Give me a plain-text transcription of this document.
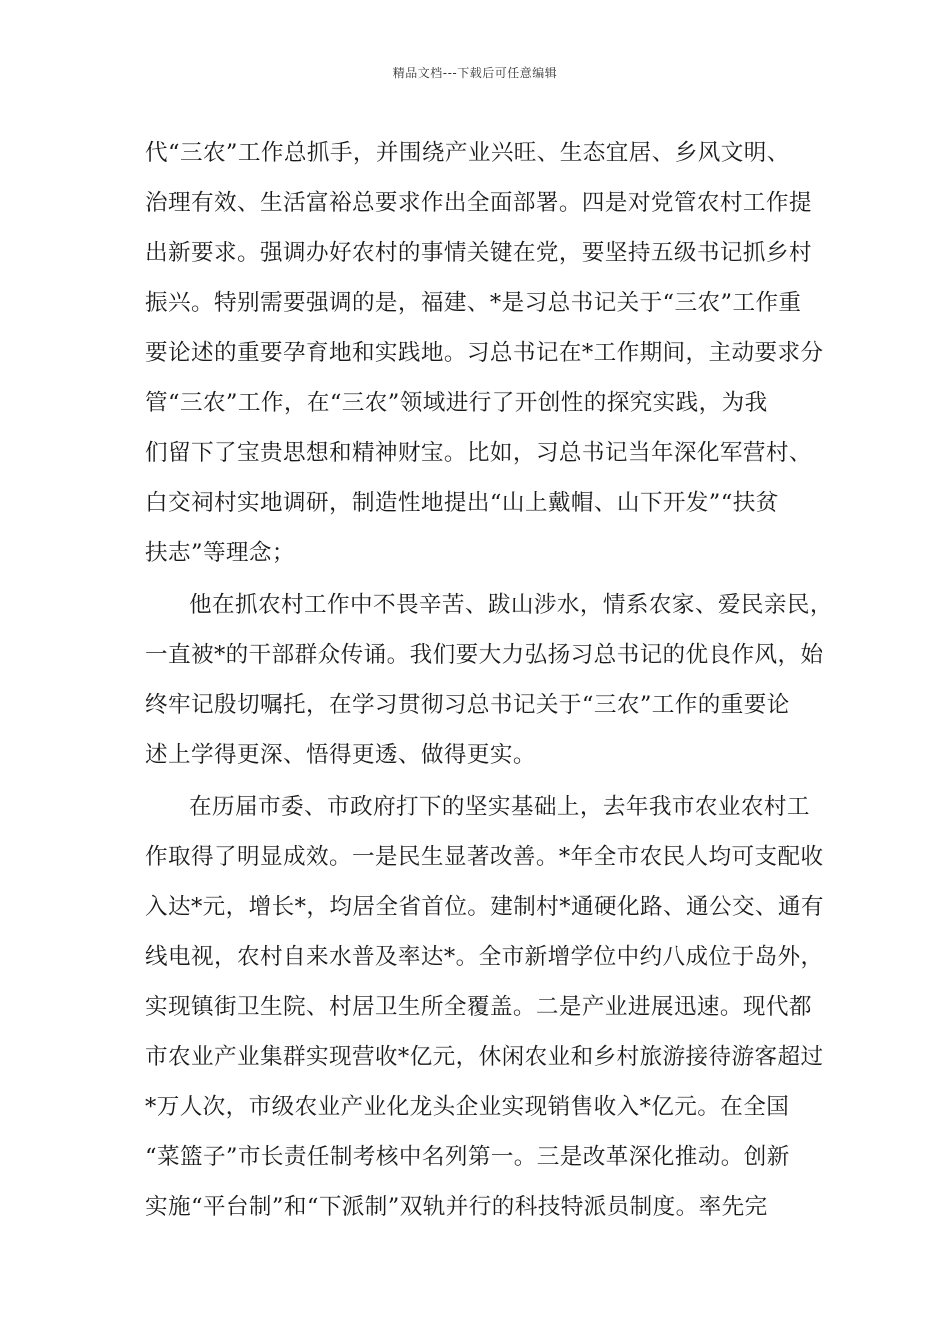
精品文档---下载后可任意编辑
代“三农”工作总抓手，并围绕产业兴旺、生态宜居、乡风文明、
治理有效、生活富裕总要求作出全面部署。四是对党管农村工作提
出新要求。强调办好农村的事情关键在党，要坚持五级书记抓乡村
振兴。特别需要强调的是，福建、*是习总书记关于“三农”工作重
要论述的重要孕育地和实践地。习总书记在*工作期间，主动要求分
管“三农”工作，在“三农”领域进行了开创性的探究实践，为我
们留下了宝贵思想和精神财宝。比如，习总书记当年深化军营村、
白交祠村实地调研，制造性地提出“山上戴帽、山下开发”“扶贫
扶志”等理念；
他在抓农村工作中不畏辛苦、跋山涉水，情系农家、爱民亲民，
一直被*的干部群众传诵。我们要大力弘扬习总书记的优良作风，始
终牢记殷切嘱托，在学习贯彻习总书记关于“三农”工作的重要论
述上学得更深、悟得更透、做得更实。
在历届市委、市政府打下的坚实基础上，去年我市农业农村工
作取得了明显成效。一是民生显著改善。*年全市农民人均可支配收
入达*元，增长*，均居全省首位。建制村*通硬化路、通公交、通有
线电视，农村自来水普及率达*。全市新增学位中约八成位于岛外，
实现镇街卫生院、村居卫生所全覆盖。二是产业进展迅速。现代都
市农业产业集群实现营收*亿元，休闲农业和乡村旅游接待游客超过
*万人次，市级农业产业化龙头企业实现销售收入*亿元。在全国
“菜篮子”市长责任制考核中名列第一。三是改革深化推动。创新
实施“平台制”和“下派制”双轨并行的科技特派员制度。率先完
